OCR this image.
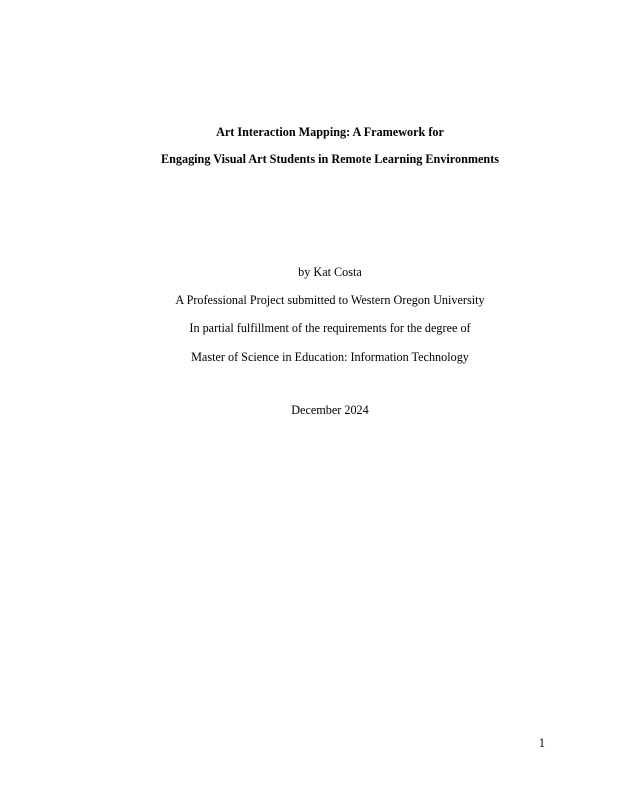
Art Interaction Mapping: A Framework for
Engaging Visual Art Students in Remote Learning Environments
by Kat Costa
A Professional Project submitted to Western Oregon University
In partial fulfillment of the requirements for the degree of
Master of Science in Education: Information Technology
December 2024
1
